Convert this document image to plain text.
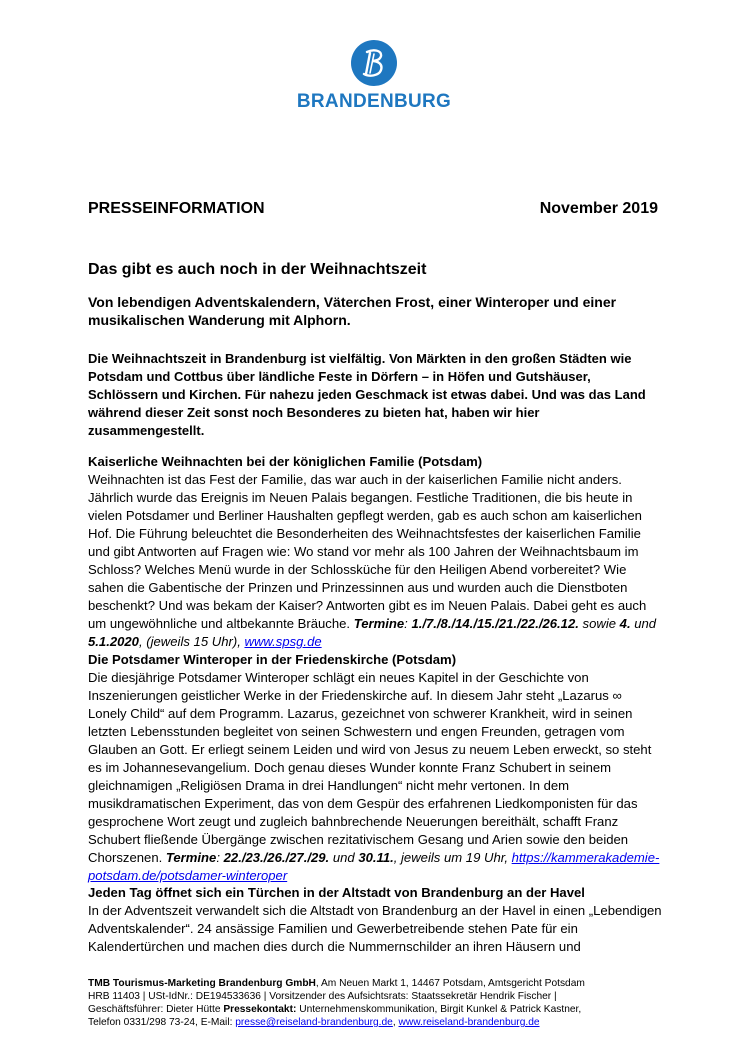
BRANDENBURG
PRESSEINFORMATION	November 2019
Das gibt es auch noch in der Weihnachtszeit
Von lebendigen Adventskalendern, Väterchen Frost, einer Winteroper und einer musikalischen Wanderung mit Alphorn.
Die Weihnachtszeit in Brandenburg ist vielfältig. Von Märkten in den großen Städten wie Potsdam und Cottbus über ländliche Feste in Dörfern – in Höfen und Gutshäuser, Schlössern und Kirchen. Für nahezu jeden Geschmack ist etwas dabei. Und was das Land während dieser Zeit sonst noch Besonderes zu bieten hat, haben wir hier zusammengestellt.
Kaiserliche Weihnachten bei der königlichen Familie (Potsdam)

Weihnachten ist das Fest der Familie, das war auch in der kaiserlichen Familie nicht anders. Jährlich wurde das Ereignis im Neuen Palais begangen. Festliche Traditionen, die bis heute in vielen Potsdamer und Berliner Haushalten gepflegt werden, gab es auch schon am kaiserlichen Hof. Die Führung beleuchtet die Besonderheiten des Weihnachtsfestes der kaiserlichen Familie und gibt Antworten auf Fragen wie: Wo stand vor mehr als 100 Jahren der Weihnachtsbaum im Schloss? Welches Menü wurde in der Schlossküche für den Heiligen Abend vorbereitet? Wie sahen die Gabentische der Prinzen und Prinzessinnen aus und wurden auch die Dienstboten beschenkt? Und was bekam der Kaiser? Antworten gibt es im Neuen Palais. Dabei geht es auch um ungewöhnliche und altbekannte Bräuche. Termine: 1./7./8./14./15./21./22./26.12. sowie 4. und 5.1.2020, (jeweils 15 Uhr), www.spsg.de

Die Potsdamer Winteroper in der Friedenskirche (Potsdam)

Die diesjährige Potsdamer Winteroper schlägt ein neues Kapitel in der Geschichte von Inszenierungen geistlicher Werke in der Friedenskirche auf. In diesem Jahr steht „Lazarus ∞ Lonely Child“ auf dem Programm. Lazarus, gezeichnet von schwerer Krankheit, wird in seinen letzten Lebensstunden begleitet von seinen Schwestern und engen Freunden, getragen vom Glauben an Gott. Er erliegt seinem Leiden und wird von Jesus zu neuem Leben erweckt, so steht es im Johannesevangelium. Doch genau dieses Wunder konnte Franz Schubert in seinem gleichnamigen „Religiösen Drama in drei Handlungen“ nicht mehr vertonen. In dem musikdramatischen Experiment, das von dem Gespür des erfahrenen Liedkomponisten für das gesprochene Wort zeugt und zugleich bahnbrechende Neuerungen bereithält, schafft Franz Schubert fließende Übergänge zwischen rezitativischem Gesang und Arien sowie den beiden Chorszenen. Termine: 22./23./26./27./29. und 30.11., jeweils um 19 Uhr, https://kammerakademie-potsdam.de/potsdamer-winteroper

Jeden Tag öffnet sich ein Türchen in der Altstadt von Brandenburg an der Havel

In der Adventszeit verwandelt sich die Altstadt von Brandenburg an der Havel in einen „Lebendigen Adventskalender“. 24 ansässige Familien und Gewerbetreibende stehen Pate für ein Kalendertürchen und machen dies durch die Nummernschilder an ihren Häusern und

TMB Tourismus-Marketing Brandenburg GmbH, Am Neuen Markt 1, 14467 Potsdam, Amtsgericht Potsdam
HRB 11403 | USt-IdNr.: DE194533636 | Vorsitzender des Aufsichtsrats: Staatssekretär Hendrik Fischer |
Geschäftsführer: Dieter Hütte Pressekontakt: Unternehmenskommunikation, Birgit Kunkel & Patrick Kastner,
Telefon 0331/298 73-24, E-Mail: presse@reiseland-brandenburg.de, www.reiseland-brandenburg.de
